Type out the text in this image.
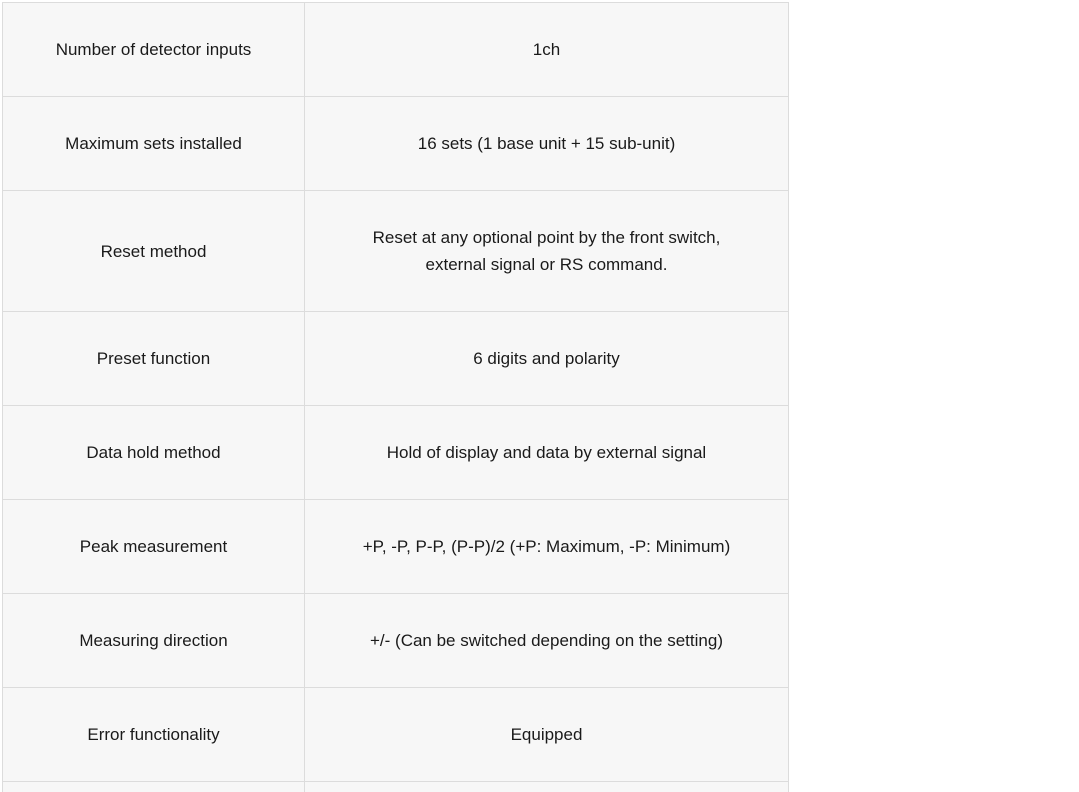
Number of detector inputs	1ch

Maximum sets installed	16 sets (1 base unit + 15 sub-unit)

Reset method	Reset at any optional point by the front switch,
external signal or RS command.

Preset function	6 digits and polarity

Data hold method	Hold of display and data by external signal

Peak measurement	+P, -P, P-P, (P-P)/2 (+P: Maximum, -P: Minimum)

Measuring direction	+/- (Can be switched depending on the setting)

Error functionality	Equipped
